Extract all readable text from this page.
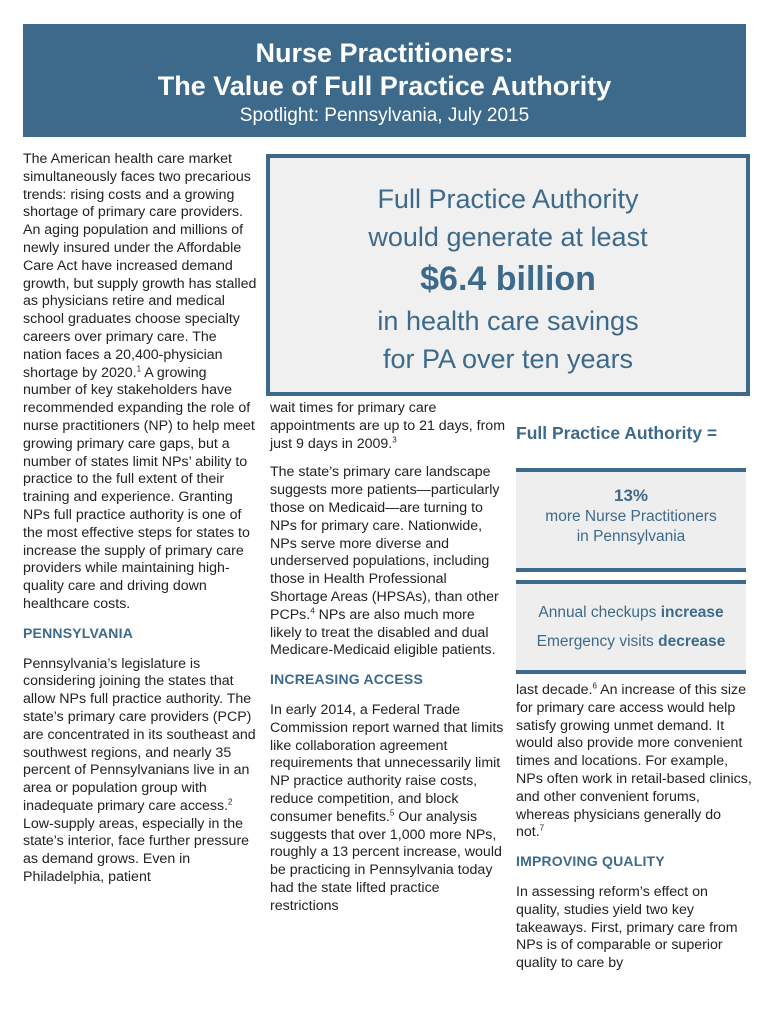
Nurse Practitioners:
The Value of Full Practice Authority
Spotlight: Pennsylvania, July 2015

The American health care market simultaneously faces two precarious trends: rising costs and a growing shortage of primary care providers. An aging population and millions of newly insured under the Affordable Care Act have increased demand growth, but supply growth has stalled as physicians retire and medical school graduates choose specialty careers over primary care. The nation faces a 20,400-physician shortage by 2020.$^1$ A growing number of key stakeholders have recommended expanding the role of nurse practitioners (NP) to help meet growing primary care gaps, but a number of states limit NPs’ ability to practice to the full extent of their training and experience. Granting NPs full practice authority is one of the most effective steps for states to increase the supply of primary care providers while maintaining high-quality care and driving down healthcare costs.

PENNSYLVANIA

Pennsylvania’s legislature is considering joining the states that allow NPs full practice authority. The state’s primary care providers (PCP) are concentrated in its southeast and southwest regions, and nearly 35 percent of Pennsylvanians live in an area or population group with inadequate primary care access.$^2$ Low-supply areas, especially in the state’s interior, face further pressure as demand grows. Even in Philadelphia, patient

Full Practice Authority
would generate at least
$6.4 billion
in health care savings
for PA over ten years

wait times for primary care appointments are up to 21 days, from just 9 days in 2009.$^3$

The state’s primary care landscape suggests more patients—particularly those on Medicaid—are turning to NPs for primary care. Nationwide, NPs serve more diverse and underserved populations, including those in Health Professional Shortage Areas (HPSAs), than other PCPs.$^4$ NPs are also much more likely to treat the disabled and dual Medicare-Medicaid eligible patients.

INCREASING ACCESS

In early 2014, a Federal Trade Commission report warned that limits like collaboration agreement requirements that unnecessarily limit NP practice authority raise costs, reduce competition, and block consumer benefits.$^5$ Our analysis suggests that over 1,000 more NPs, roughly a 13 percent increase, would be practicing in Pennsylvania today had the state lifted practice restrictions

Full Practice Authority =
13%
more Nurse Practitioners
in Pennsylvania
Annual checkups increase
Emergency visits decrease

last decade.$^6$ An increase of this size for primary care access would help satisfy growing unmet demand. It would also provide more convenient times and locations. For example, NPs often work in retail-based clinics, and other convenient forums, whereas physicians generally do not.$^7$

IMPROVING QUALITY

In assessing reform’s effect on quality, studies yield two key takeaways. First, primary care from NPs is of comparable or superior quality to care by
